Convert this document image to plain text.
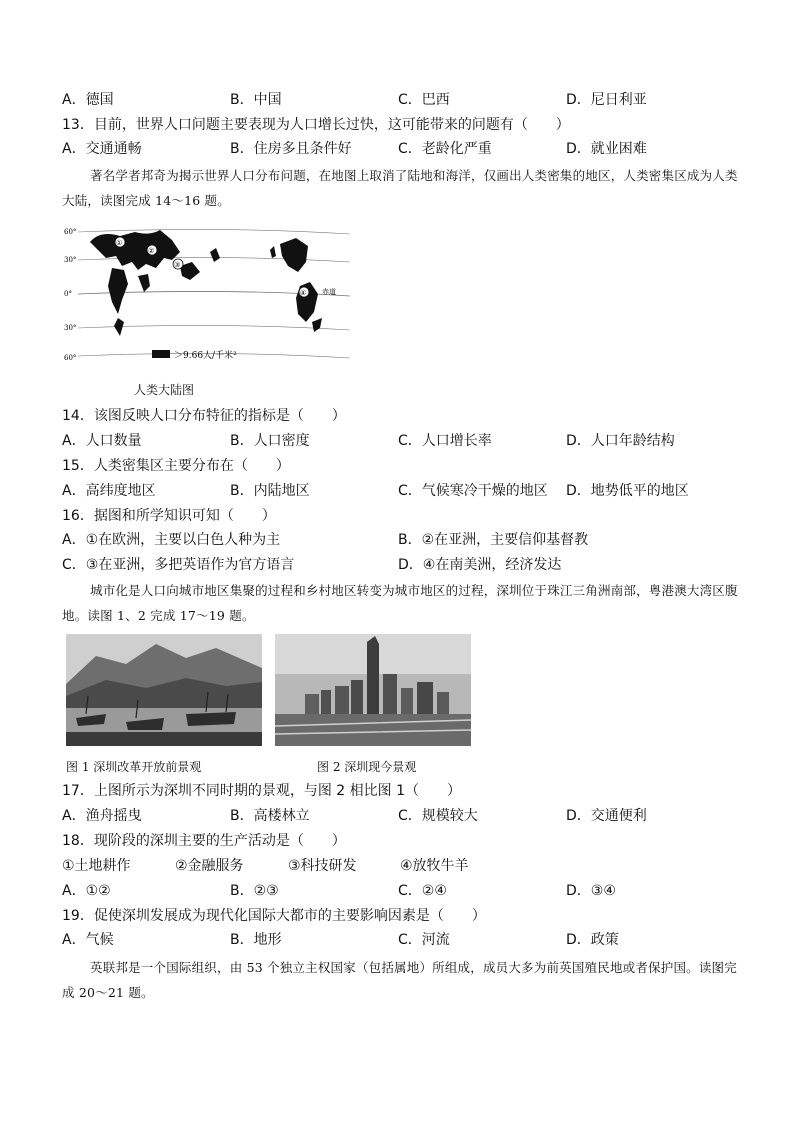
A．德国	B．中国	C．巴西	D．尼日利亚
13．目前，世界人口问题主要表现为人口增长过快，这可能带来的问题有（　　）
A．交通通畅	B．住房多且条件好	C．老龄化严重	D．就业困难
著名学者邦奇为揭示世界人口分布问题，在地图上取消了陆地和海洋，仅画出人类密集的地区，人类密集区成为人类大陆，读图完成 14～16 题。
①
②
③
④
60°
30°
0°
30°
60°
赤道
＞9.66人/千米²
人类大陆图
14．该图反映人口分布特征的指标是（　　）
A．人口数量	B．人口密度	C．人口增长率	D．人口年龄结构
15．人类密集区主要分布在（　　）
A．高纬度地区	B．内陆地区	C．气候寒冷干燥的地区 D．地势低平的地区
16．据图和所学知识可知（　　）
A．①在欧洲，主要以白色人种为主	B．②在亚洲，主要信仰基督教
C．③在亚洲，多把英语作为官方语言	D．④在南美洲，经济发达
城市化是人口向城市地区集聚的过程和乡村地区转变为城市地区的过程，深圳位于珠江三角洲南部，粤港澳大湾区腹地。读图 1、2 完成 17～19 题。
图 1 深圳改革开放前景观	图 2 深圳现今景观
17．上图所示为深圳不同时期的景观，与图 2 相比图 1（　　）
A．渔舟摇曳	B．高楼林立	C．规模较大	D．交通便利
18．现阶段的深圳主要的生产活动是（　　）
①土地耕作	②金融服务	③科技研发	④放牧牛羊
A．①②	B．②③	C．②④	D．③④
19．促使深圳发展成为现代化国际大都市的主要影响因素是（　　）
A．气候	B．地形	C．河流	D．政策
英联邦是一个国际组织，由 53 个独立主权国家（包括属地）所组成，成员大多为前英国殖民地或者保护国。读图完成 20～21 题。
